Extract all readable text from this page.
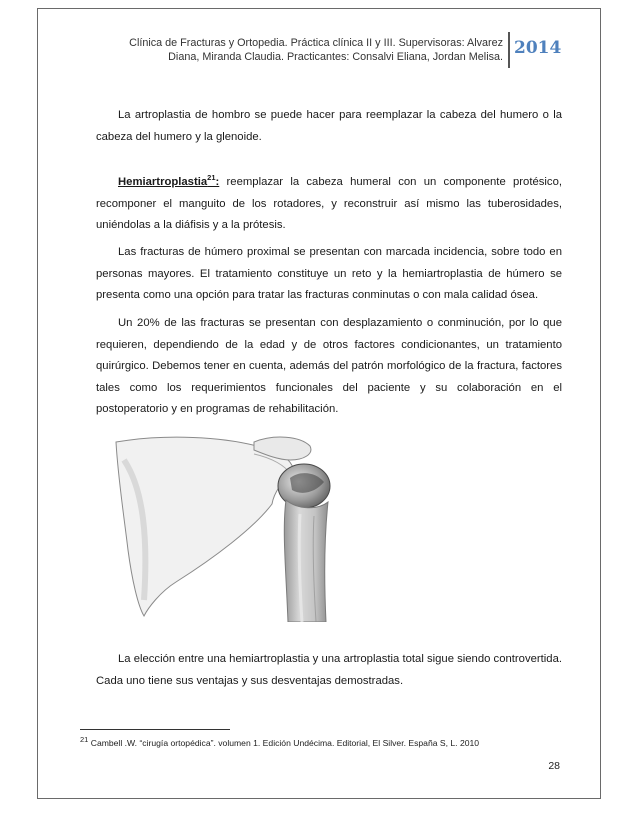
Clínica de Fracturas y Ortopedia. Práctica clínica II y III. Supervisoras: Alvarez
Diana, Miranda Claudia. Practicantes: Consalvi Eliana, Jordan Melisa. 2014

La artroplastia de hombro se puede hacer para reemplazar la cabeza del humero o la cabeza del humero y la glenoide.

Hemiartroplastia$^{21}$: reemplazar la cabeza humeral con un componente protésico, recomponer el manguito de los rotadores, y reconstruir así mismo las tuberosidades, uniéndolas a la diáfisis y a la prótesis.

Las fracturas de húmero proximal se presentan con marcada incidencia, sobre todo en personas mayores. El tratamiento constituye un reto y la hemiartroplastia de húmero se presenta como una opción para tratar las fracturas conminutas o con mala calidad ósea.

Un 20% de las fracturas se presentan con desplazamiento o conminución, por lo que requieren, dependiendo de la edad y de otros factores condicionantes, un tratamiento quirúrgico. Debemos tener en cuenta, además del patrón morfológico de la fractura, factores tales como los requerimientos funcionales del paciente y su colaboración en el postoperatorio y en programas de rehabilitación.

La elección entre una hemiartroplastia y una artroplastia total sigue siendo controvertida. Cada uno tiene sus ventajas y sus desventajas demostradas.

21 Cambell .W. “cirugía ortopédica”. volumen 1. Edición Undécima. Editorial, El Silver. España S, L. 2010
28
